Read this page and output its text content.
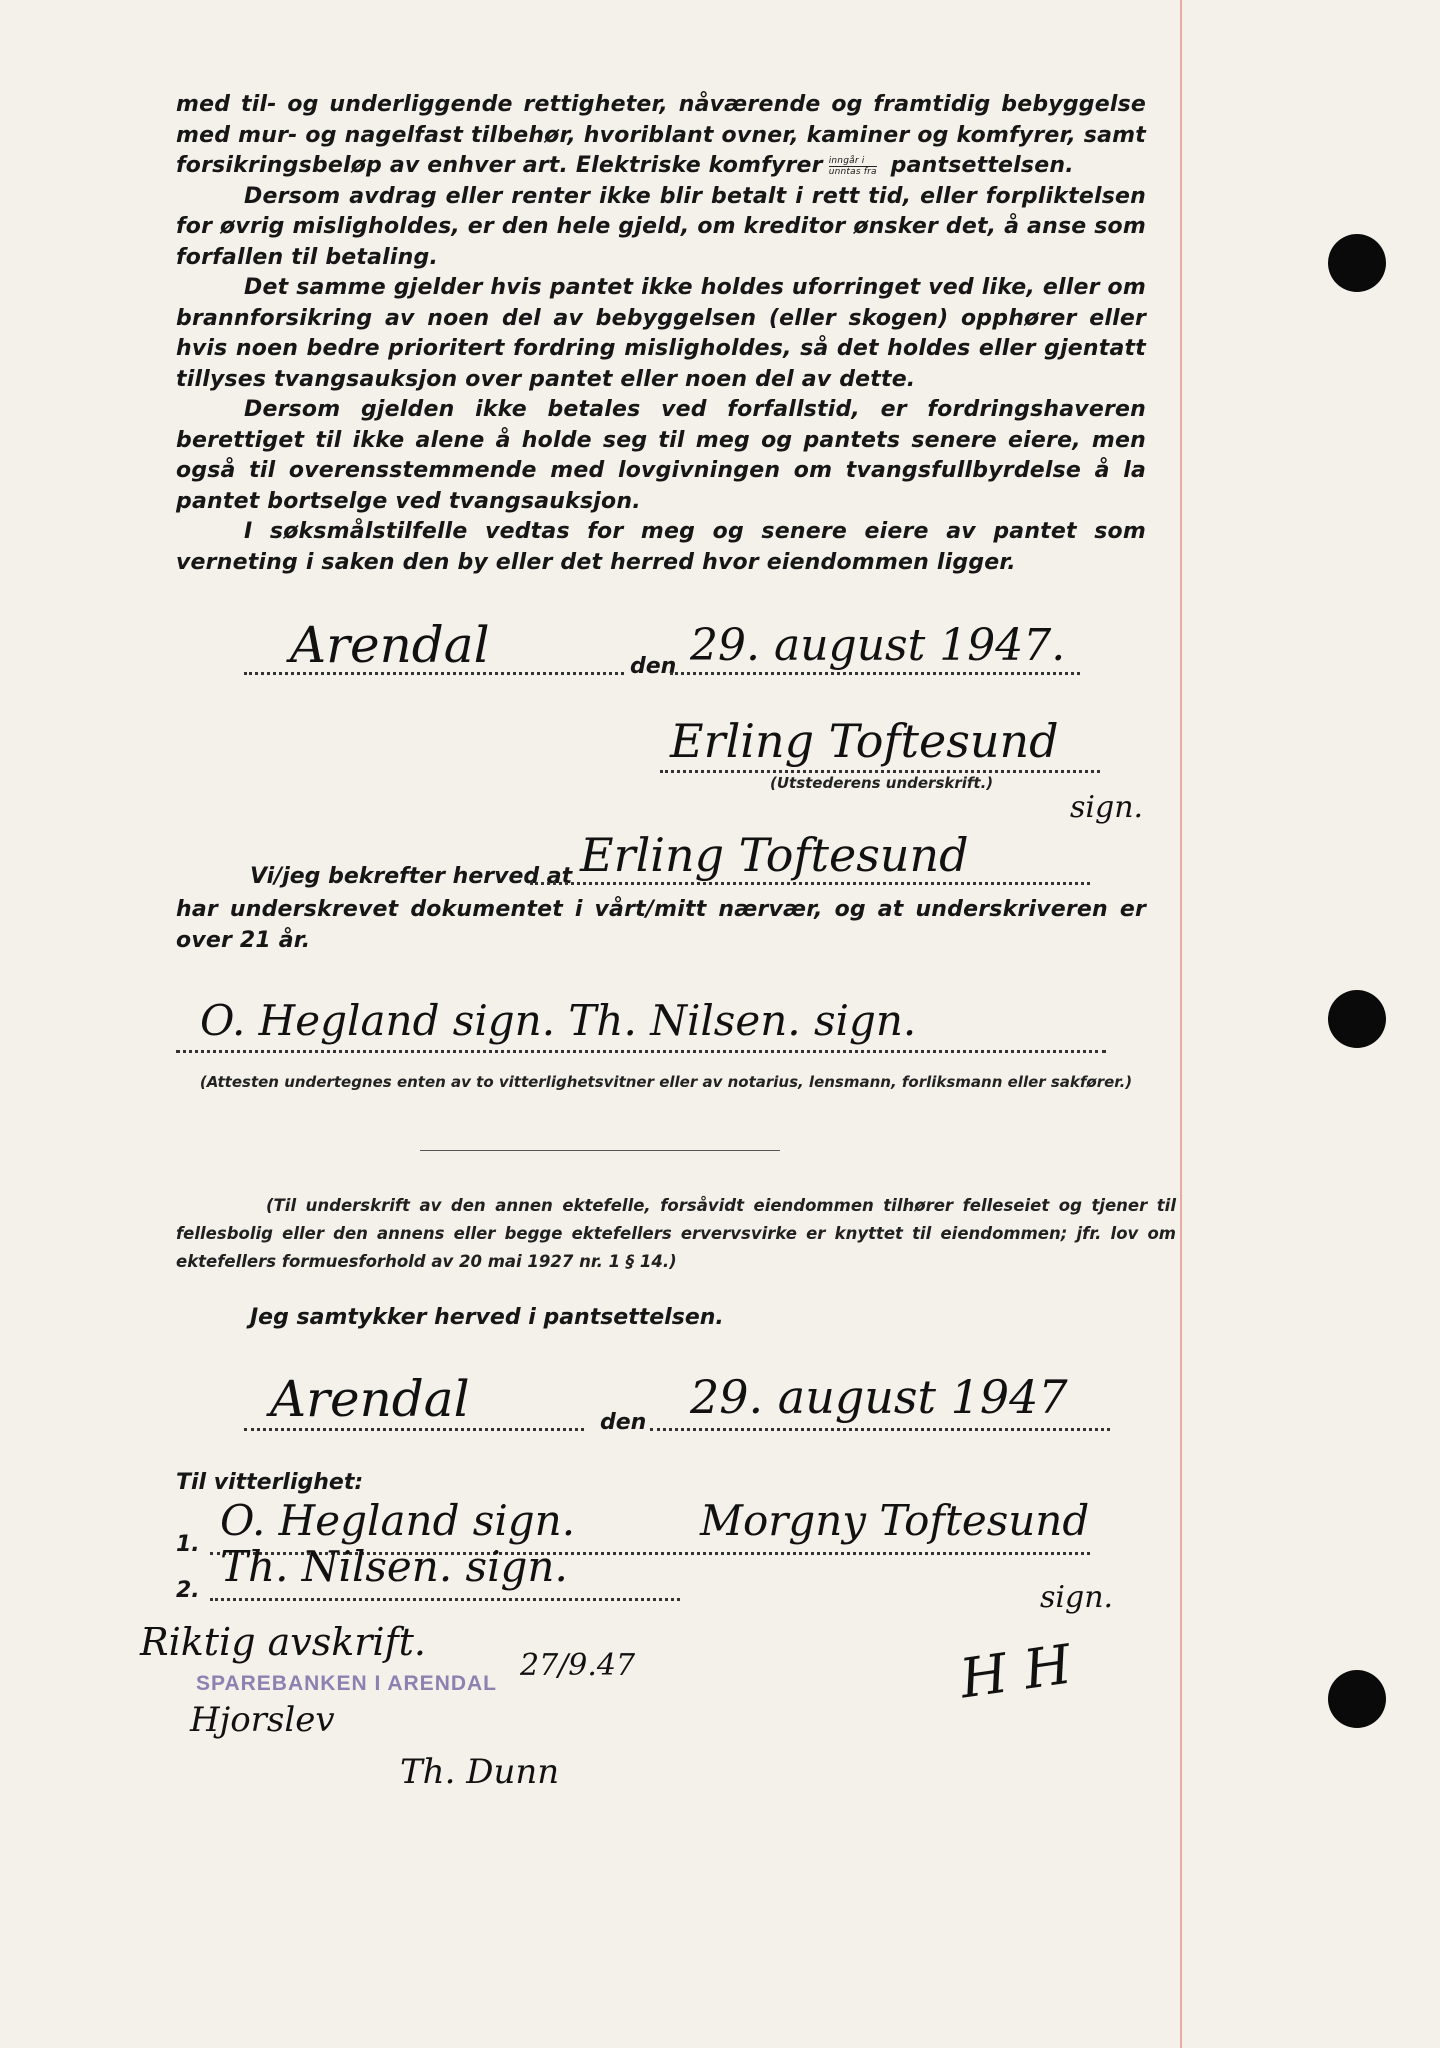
med til- og underliggende rettigheter, nåværende og framtidig bebyggelse med mur- og nagelfast tilbehør, hvoriblant ovner, kaminer og komfyrer, samt forsikringsbeløp av enhver art. Elektriske komfyrer $\frac{\text{inngår i}}{\text{unntas fra}}$ pantsettelsen.

Dersom avdrag eller renter ikke blir betalt i rett tid, eller forpliktelsen for øvrig misligholdes, er den hele gjeld, om kreditor ønsker det, å anse som forfallen til betaling.

Det samme gjelder hvis pantet ikke holdes uforringet ved like, eller om brannforsikring av noen del av bebyggelsen (eller skogen) opphører eller hvis noen bedre prioritert fordring misligholdes, så det holdes eller gjentatt tillyses tvangsauksjon over pantet eller noen del av dette.

Dersom gjelden ikke betales ved forfallstid, er fordringshaveren berettiget til ikke alene å holde seg til meg og pantets senere eiere, men også til overensstemmende med lovgivningen om tvangsfullbyrdelse å la pantet bortselge ved tvangsauksjon.

I søksmålstilfelle vedtas for meg og senere eiere av pantet som verneting i saken den by eller det herred hvor eiendommen ligger.

Arendal	den 29. august 1947.
Erling Toftesund
(Utstederens underskrift.)
sign.
Vi/jeg bekrefter herved at Erling Toftesund

har underskrevet dokumentet i vårt/mitt nærvær, og at underskriveren er over 21 år.

O. Hegland sign. Th. Nilsen. sign.
(Attesten undertegnes enten av to vitterlighetsvitner eller av notarius, lensmann, forliksmann eller sakfører.)

(Til underskrift av den annen ektefelle, forsåvidt eiendommen tilhører felleseiet og tjener til fellesbolig eller den annens eller begge ektefellers ervervsvirke er knyttet til eiendommen; jfr. lov om ektefellers formuesforhold av 20 mai 1927 nr. 1 § 14.)

Jeg samtykker herved i pantsettelsen.
Arendal	den 29. august 1947
Til vitterlighet:
1. O. Hegland sign.	Morgny Toftesund
2. Th. Nilsen. sign.
sign.
Riktig avskrift.
27/9.47
SPAREBANKEN I ARENDAL
Hjorslev
Th. Dunn
H H
